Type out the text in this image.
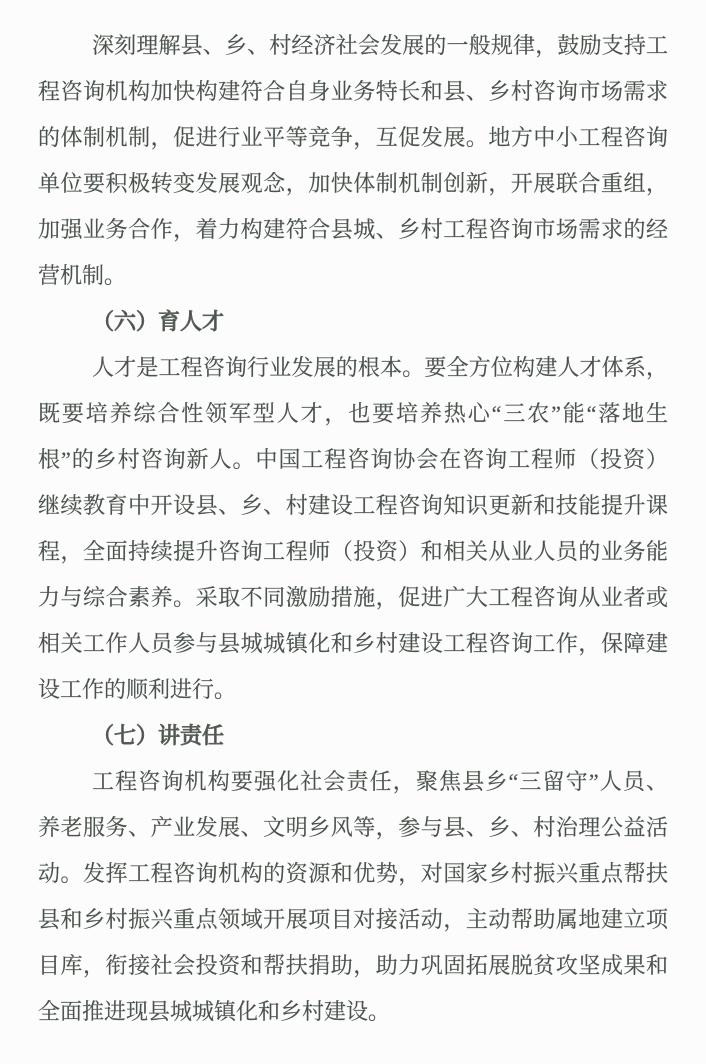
深刻理解县、乡、村经济社会发展的一般规律，鼓励支持工
程咨询机构加快构建符合自身业务特长和县、乡村咨询市场需求
的体制机制，促进行业平等竞争，互促发展。地方中小工程咨询
单位要积极转变发展观念，加快体制机制创新，开展联合重组，
加强业务合作，着力构建符合县城、乡村工程咨询市场需求的经
营机制。
（六）育人才
人才是工程咨询行业发展的根本。要全方位构建人才体系，
既要培养综合性领军型人才，也要培养热心“三农”能“落地生
根”的乡村咨询新人。中国工程咨询协会在咨询工程师（投资）
继续教育中开设县、乡、村建设工程咨询知识更新和技能提升课
程，全面持续提升咨询工程师（投资）和相关从业人员的业务能
力与综合素养。采取不同激励措施，促进广大工程咨询从业者或
相关工作人员参与县城城镇化和乡村建设工程咨询工作，保障建
设工作的顺利进行。
（七）讲责任
工程咨询机构要强化社会责任，聚焦县乡“三留守”人员、
养老服务、产业发展、文明乡风等，参与县、乡、村治理公益活
动。发挥工程咨询机构的资源和优势，对国家乡村振兴重点帮扶
县和乡村振兴重点领域开展项目对接活动，主动帮助属地建立项
目库，衔接社会投资和帮扶捐助，助力巩固拓展脱贫攻坚成果和
全面推进现县城城镇化和乡村建设。
